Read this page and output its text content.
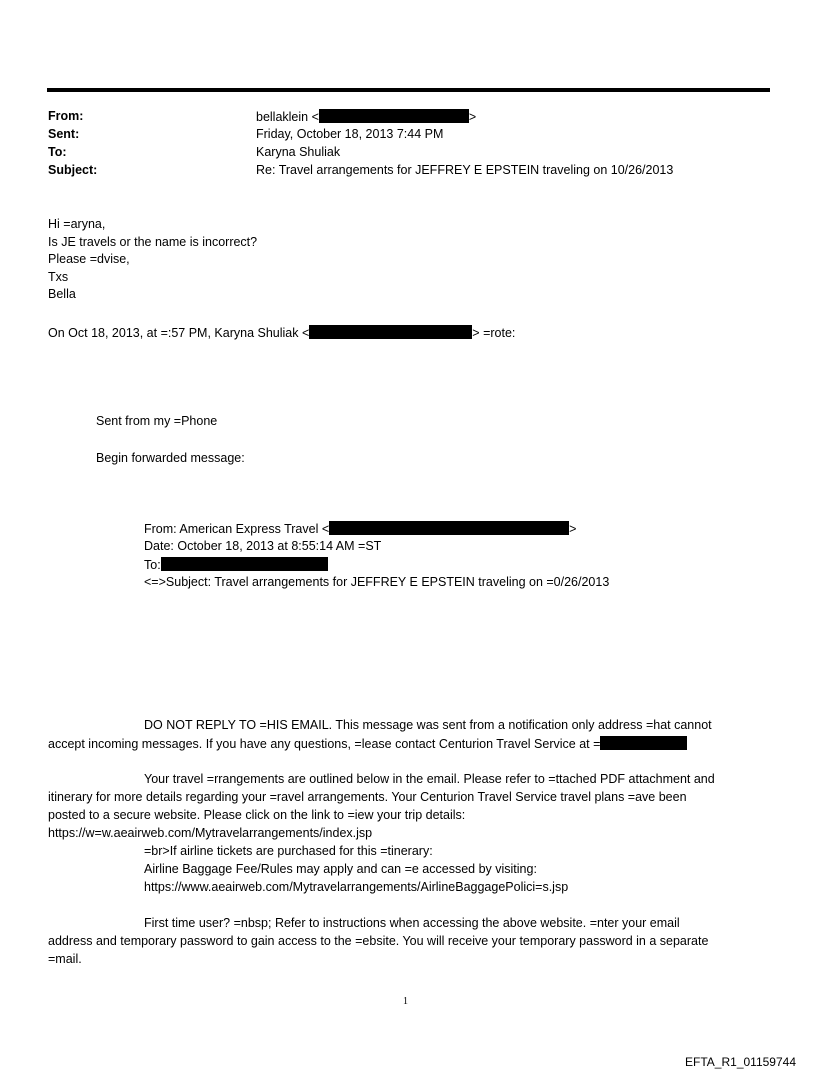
From:	bellaklein <	>
Sent:	Friday, October 18, 2013 7:44 PM
To:	Karyna Shuliak
Subject:	Re: Travel arrangements for JEFFREY E EPSTEIN traveling on 10/26/2013
Hi =aryna,
Is JE travels or the name is incorrect?
Please =dvise,
Txs
Bella
On Oct 18, 2013, at =:57 PM, Karyna Shuliak <	> =rote:
Sent from my =Phone
Begin forwarded message:
From: American Express Travel <	>
Date: October 18, 2013 at 8:55:14 AM =ST
To:
<=>Subject: Travel arrangements for JEFFREY E EPSTEIN traveling on =0/26/2013
DO NOT REPLY TO =HIS EMAIL. This message was sent from a notification only address =hat cannot
accept incoming messages. If you have any questions, =lease contact Centurion Travel Service at =
Your travel =rrangements are outlined below in the email. Please refer to =ttached PDF attachment and
itinerary for more details regarding your =ravel arrangements. Your Centurion Travel Service travel plans =ave been
posted to a secure website. Please click on the link to =iew your trip details:
https://w=w.aeairweb.com/Mytravelarrangements/index.jsp
=br>If airline tickets are purchased for this =tinerary:
Airline Baggage Fee/Rules may apply and can =e accessed by visiting:
https://www.aeairweb.com/Mytravelarrangements/AirlineBaggagePolici=s.jsp
First time user? =nbsp; Refer to instructions when accessing the above website. =nter your email
address and temporary password to gain access to the =ebsite. You will receive your temporary password in a separate
=mail.
1
EFTA_R1_01159744
